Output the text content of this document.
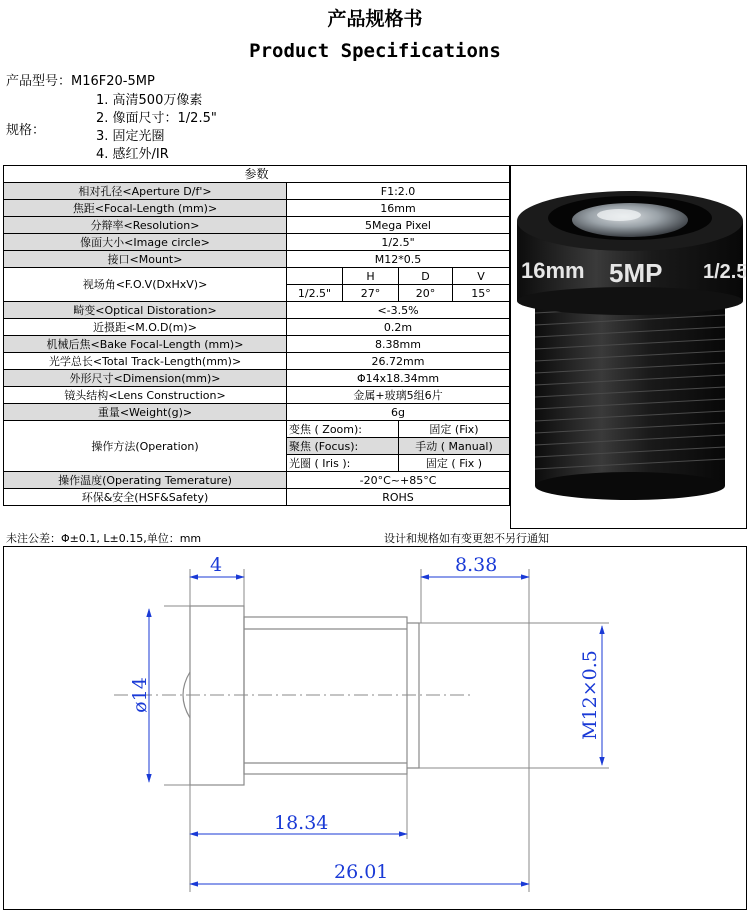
产品规格书
Product Specifications
产品型号：M16F20-5MP
规格：
1. 高清500万像素
2. 像面尺寸：1/2.5"
3. 固定光圈
4. 感红外/IR
参数				
相对孔径<Aperture D/f'>	F1:2.0			
焦距<Focal-Length (mm)>	16mm			
分辩率<Resolution>	5Mega Pixel			
像面大小<Image circle>	1/2.5"			
接口<Mount>	M12*0.5			
视场角<F.O.V(DxHxV)>		H	D	V
	1/2.5"	27°	20°	15°
畸变<Optical Distoration>	<-3.5%			
近摄距<M.O.D(m)>	0.2m			
机械后焦<Bake Focal-Length (mm)>	8.38mm			
光学总长<Total Track-Length(mm)>	26.72mm			
外形尺寸<Dimension(mm)>	Φ14x18.34mm			
镜头结构<Lens Construction>	金属+玻璃5组6片			
重量<Weight(g)>	6g			
操作方法(Operation)	变焦 ( Zoom):		固定 (Fix)	
	聚焦 (Focus):		手动 ( Manual)	
	光圈 ( Iris ):		固定 ( Fix )	
操作温度(Operating Temerature)	-20°C~+85°C			
环保&安全(HSF&Safety)	ROHS			
16mm 5MP 1/2.5
未注公差：Φ±0.1, L±0.15,单位：mm	设计和规格如有变更恕不另行通知
4	8.38
ø14	M12×0.5
18.34
26.01
